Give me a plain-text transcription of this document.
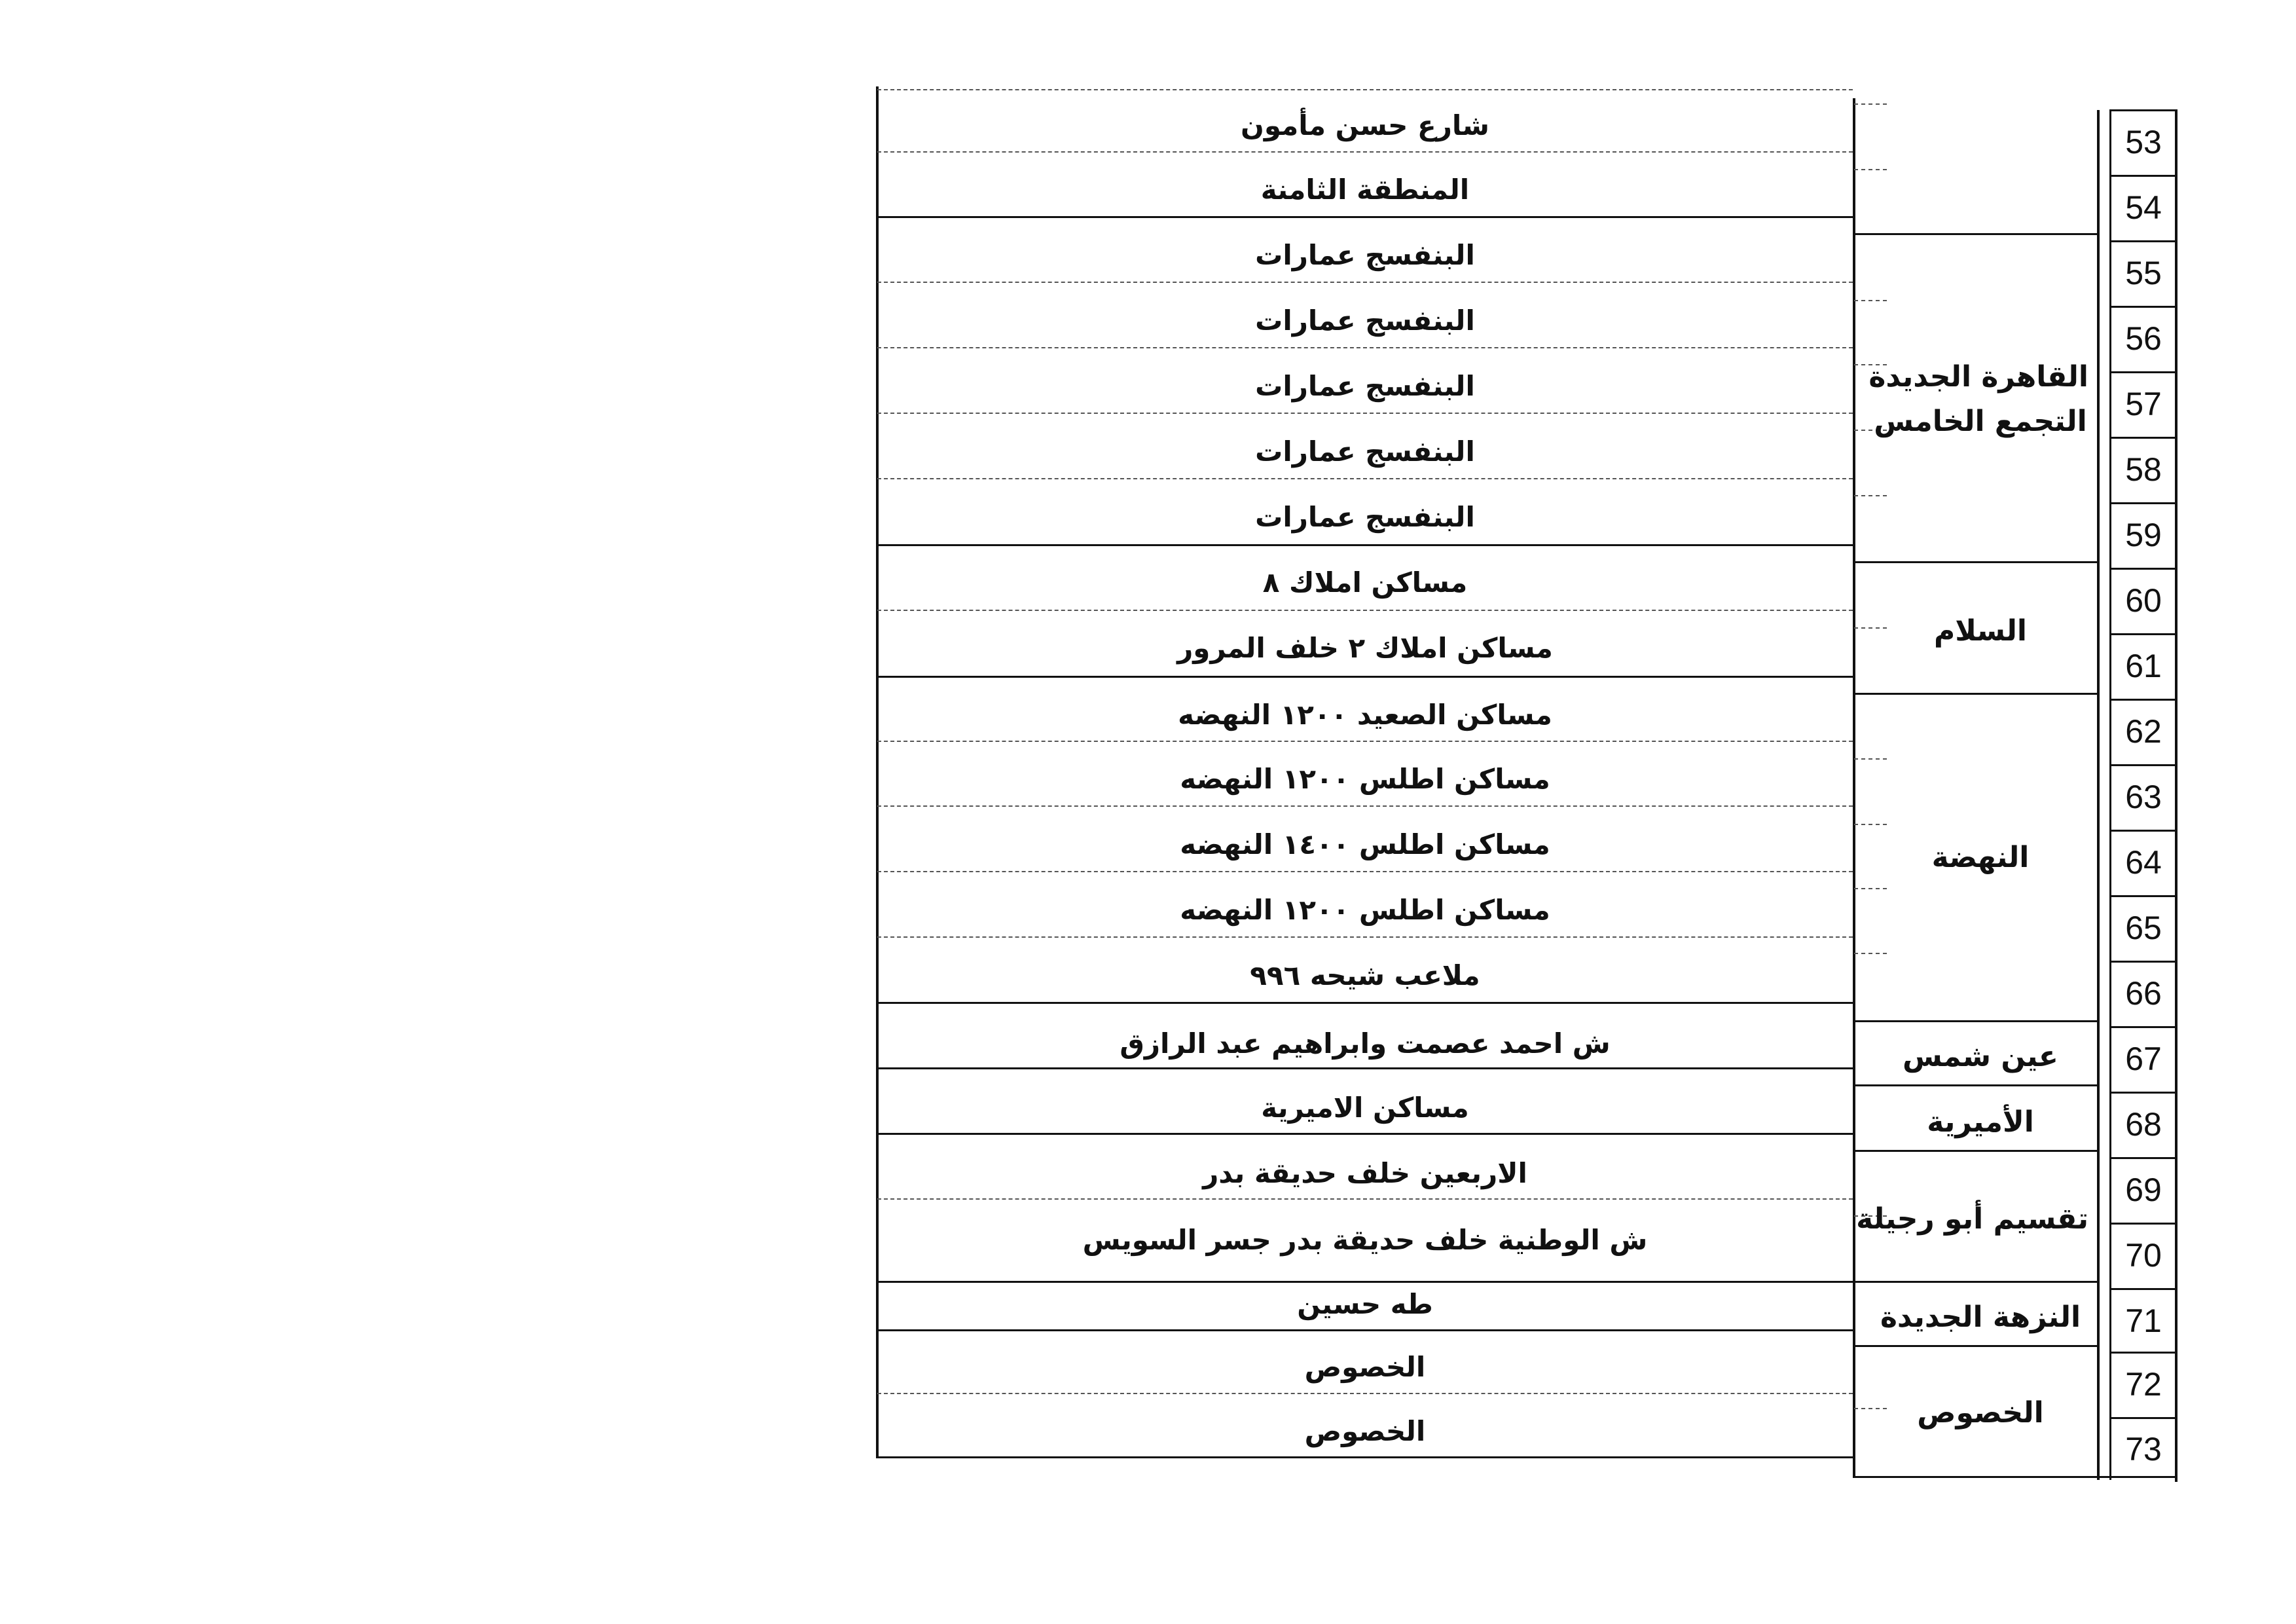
53
54
55
56
57
58
59
60
61
62
63
64
65
66
67
68
69
70
71
72
73
شارع حسن مأمون
المنطقة الثامنة
البنفسج عمارات
البنفسج عمارات
البنفسج عمارات
البنفسج عمارات
البنفسج عمارات
مساكن املاك ٨
مساكن املاك ٢ خلف المرور
مساكن الصعيد ١٢٠٠ النهضه
مساكن اطلس ١٢٠٠ النهضه
مساكن اطلس ١٤٠٠ النهضه
مساكن اطلس ١٢٠٠ النهضه
ملاعب شيحه ٩٩٦
ش احمد عصمت وابراهيم عبد الرازق
مساكن الاميرية
الاربعين خلف حديقة بدر
ش الوطنية خلف حديقة بدر جسر السويس
طه حسين
الخصوص
الخصوص
القاهرة الجديدة
التجمع الخامس
السلام
النهضة
عين شمس
الأميرية
تقسيم أبو رجيلة
النزهة الجديدة
الخصوص
